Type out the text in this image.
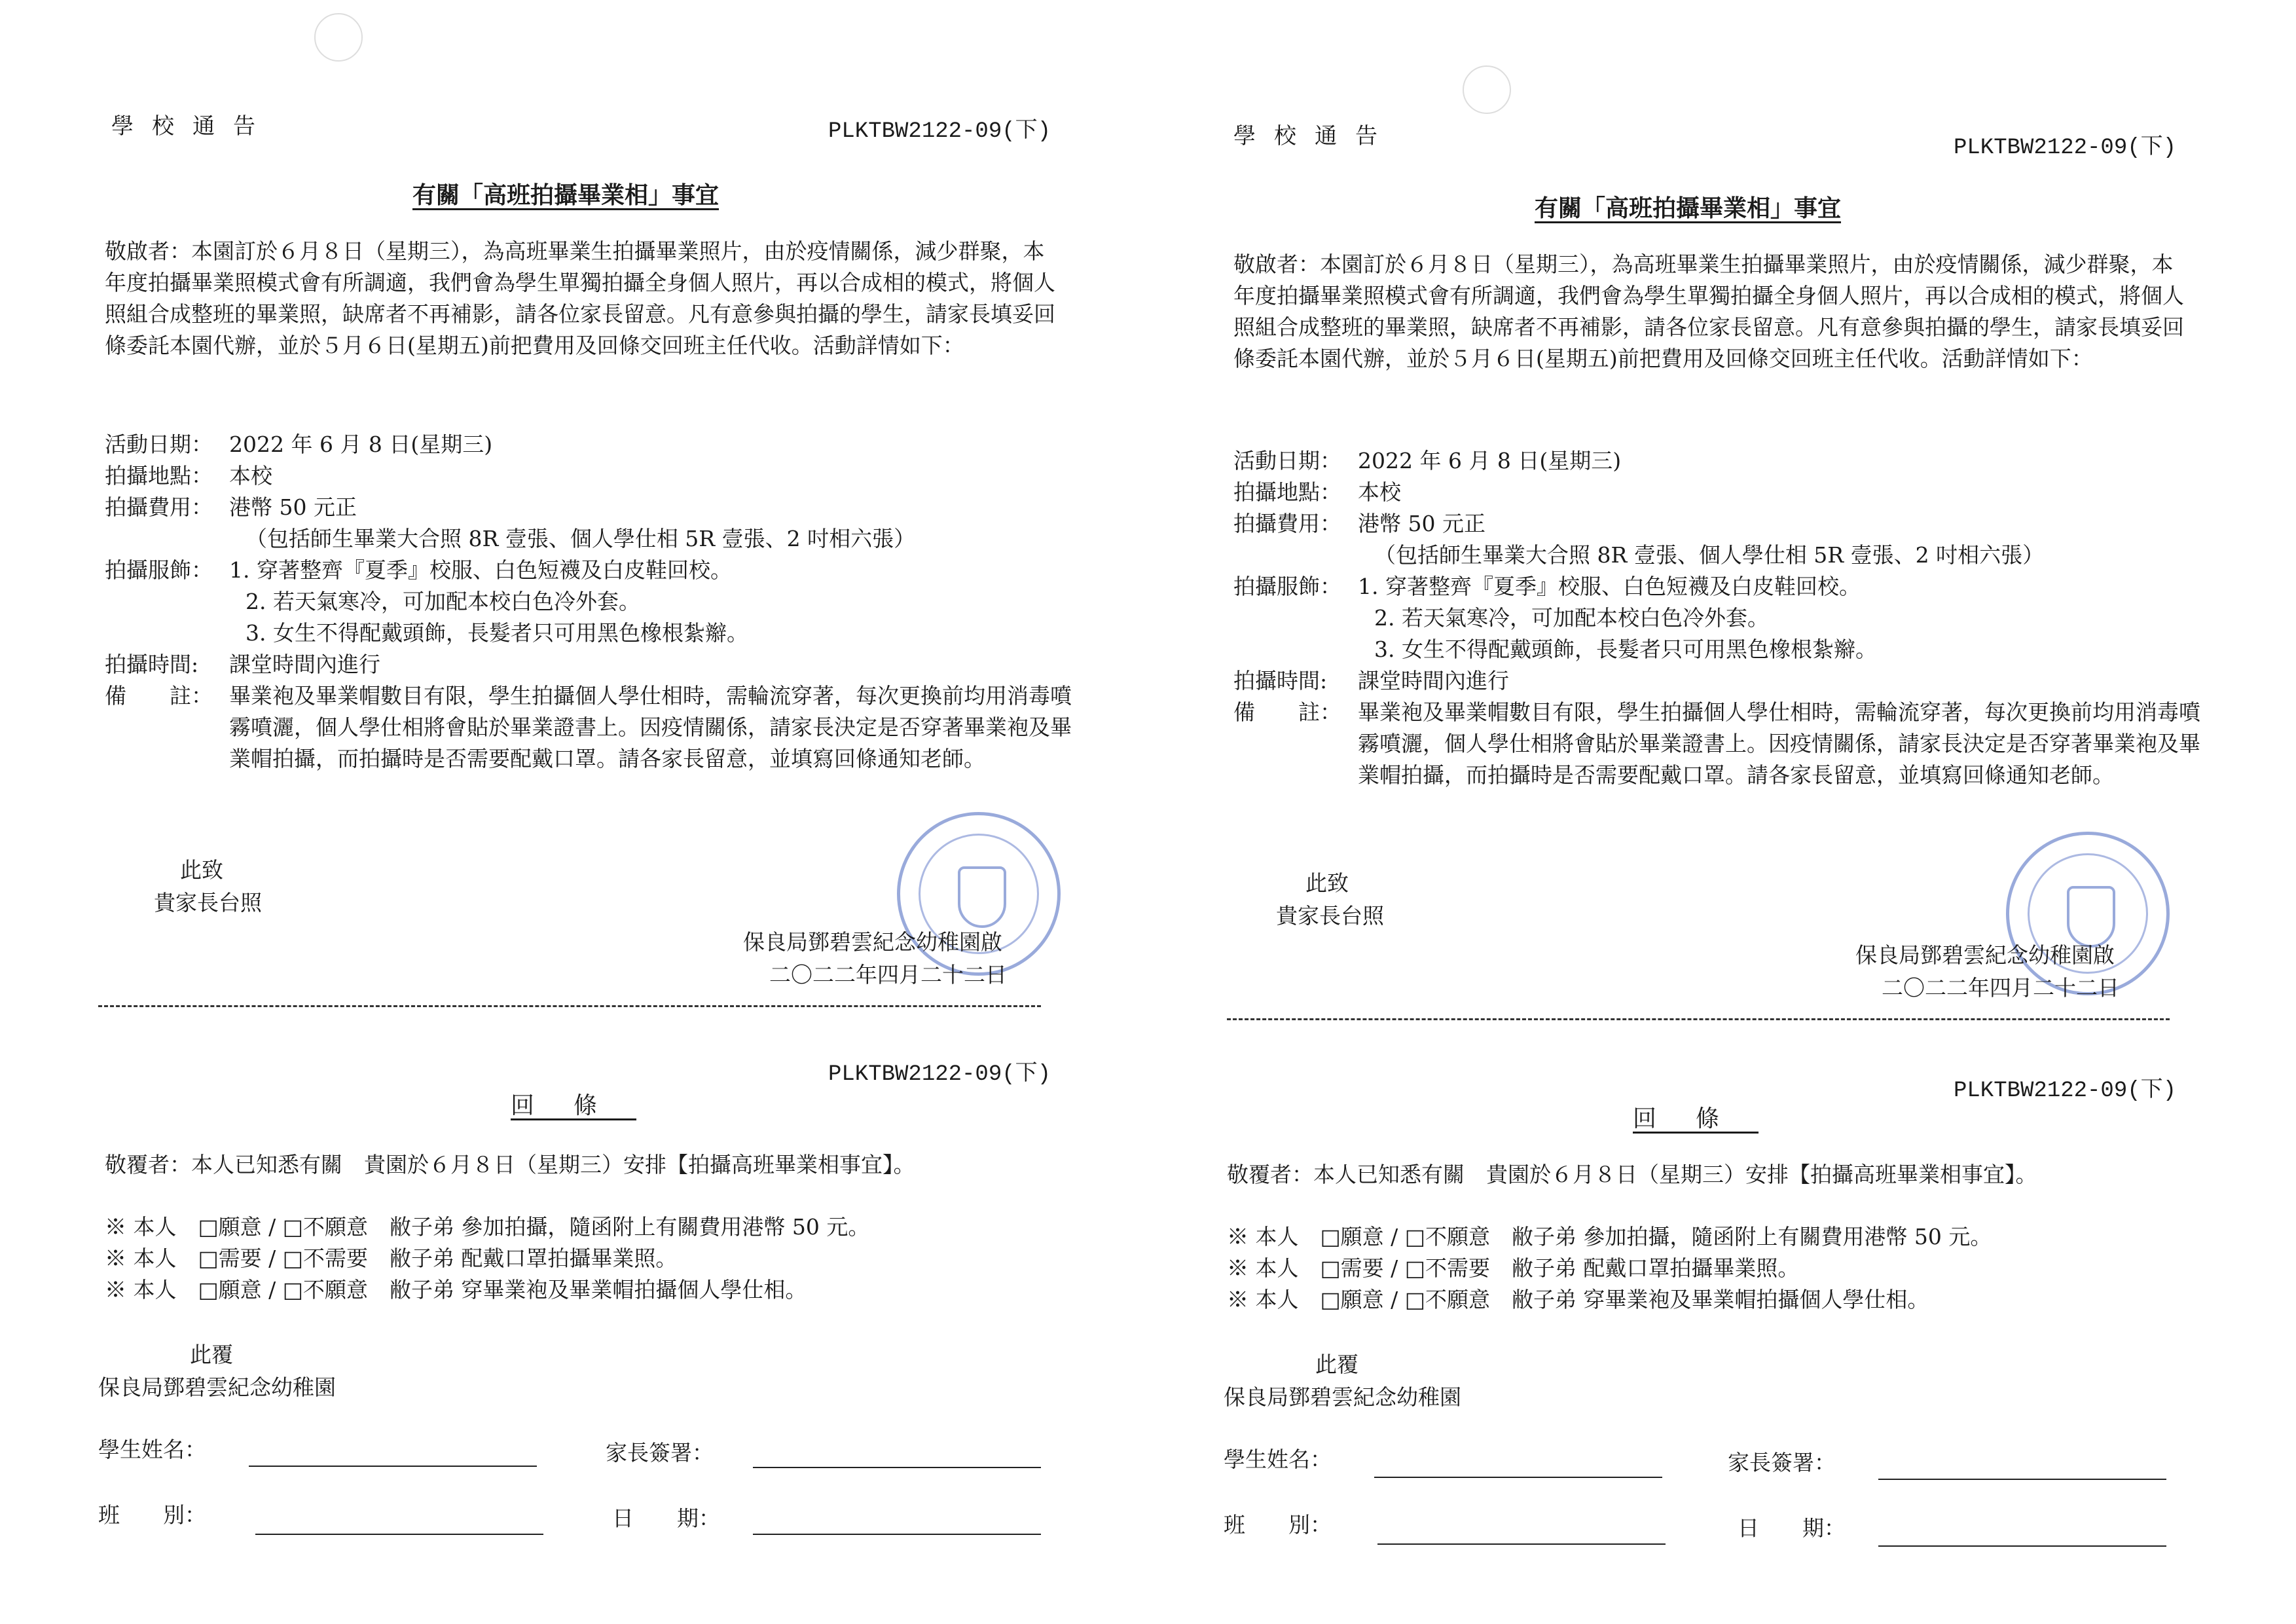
學校通告	PLKTBW2122-09(下)
有關「高班拍攝畢業相」事宜
敬啟者：本園訂於６月８日（星期三），為高班畢業生拍攝畢業照片，由於疫情關係，減少群聚，本年度拍攝畢業照模式會有所調適，我們會為學生單獨拍攝全身個人照片，再以合成相的模式，將個人照組合成整班的畢業照，缺席者不再補影，請各位家長留意。凡有意參與拍攝的學生，請家長填妥回條委託本園代辦，並於５月６日(星期五)前把費用及回條交回班主任代收。活動詳情如下：
活動日期： 2022 年 6 月 8 日(星期三)
拍攝地點： 本校
拍攝費用： 港幣 50 元正
（包括師生畢業大合照 8R 壹張、個人學仕相 5R 壹張、2 吋相六張）
拍攝服飾： 1. 穿著整齊『夏季』校服、白色短襪及白皮鞋回校。
2. 若天氣寒冷，可加配本校白色冷外套。
3. 女生不得配戴頭飾，長髮者只可用黑色橡根紮辮。
拍攝時間:	課堂時間內進行
備　　註： 畢業袍及畢業帽數目有限，學生拍攝個人學仕相時，需輪流穿著，每次更換前均用消毒噴霧噴灑，個人學仕相將會貼於畢業證書上。因疫情關係，請家長決定是否穿著畢業袍及畢業帽拍攝，而拍攝時是否需要配戴口罩。請各家長留意，並填寫回條通知老師。
此致
貴家長台照
保良局鄧碧雲紀念幼稚園啟
二〇二二年四月二十二日
PLKTBW2122-09(下)
回條
敬覆者：本人已知悉有關　貴園於６月８日（星期三）安排【拍攝高班畢業相事宜】。
※ 本人　□願意 / □不願意　敝子弟 參加拍攝，隨函附上有關費用港幣 50 元。
※ 本人　□需要 / □不需要　敝子弟 配戴口罩拍攝畢業照。
※ 本人　□願意 / □不願意　敝子弟 穿畢業袍及畢業帽拍攝個人學仕相。
此覆
保良局鄧碧雲紀念幼稚園
學生姓名：	家長簽署：
班　　別：	日　　期：
學校通告	PLKTBW2122-09(下)
有關「高班拍攝畢業相」事宜
敬啟者：本園訂於６月８日（星期三），為高班畢業生拍攝畢業照片，由於疫情關係，減少群聚，本年度拍攝畢業照模式會有所調適，我們會為學生單獨拍攝全身個人照片，再以合成相的模式，將個人照組合成整班的畢業照，缺席者不再補影，請各位家長留意。凡有意參與拍攝的學生，請家長填妥回條委託本園代辦，並於５月６日(星期五)前把費用及回條交回班主任代收。活動詳情如下：
活動日期： 2022 年 6 月 8 日(星期三)
拍攝地點： 本校
拍攝費用： 港幣 50 元正
（包括師生畢業大合照 8R 壹張、個人學仕相 5R 壹張、2 吋相六張）
拍攝服飾： 1. 穿著整齊『夏季』校服、白色短襪及白皮鞋回校。
2. 若天氣寒冷，可加配本校白色冷外套。
3. 女生不得配戴頭飾，長髮者只可用黑色橡根紮辮。
拍攝時間:	課堂時間內進行
備　　註： 畢業袍及畢業帽數目有限，學生拍攝個人學仕相時，需輪流穿著，每次更換前均用消毒噴霧噴灑，個人學仕相將會貼於畢業證書上。因疫情關係，請家長決定是否穿著畢業袍及畢業帽拍攝，而拍攝時是否需要配戴口罩。請各家長留意，並填寫回條通知老師。
此致
貴家長台照
保良局鄧碧雲紀念幼稚園啟
二〇二二年四月二十二日
PLKTBW2122-09(下)
回條
敬覆者：本人已知悉有關　貴園於６月８日（星期三）安排【拍攝高班畢業相事宜】。
※ 本人　□願意 / □不願意　敝子弟 參加拍攝，隨函附上有關費用港幣 50 元。
※ 本人　□需要 / □不需要　敝子弟 配戴口罩拍攝畢業照。
※ 本人　□願意 / □不願意　敝子弟 穿畢業袍及畢業帽拍攝個人學仕相。
此覆
保良局鄧碧雲紀念幼稚園
學生姓名：	家長簽署：
班　　別：	日　　期：
